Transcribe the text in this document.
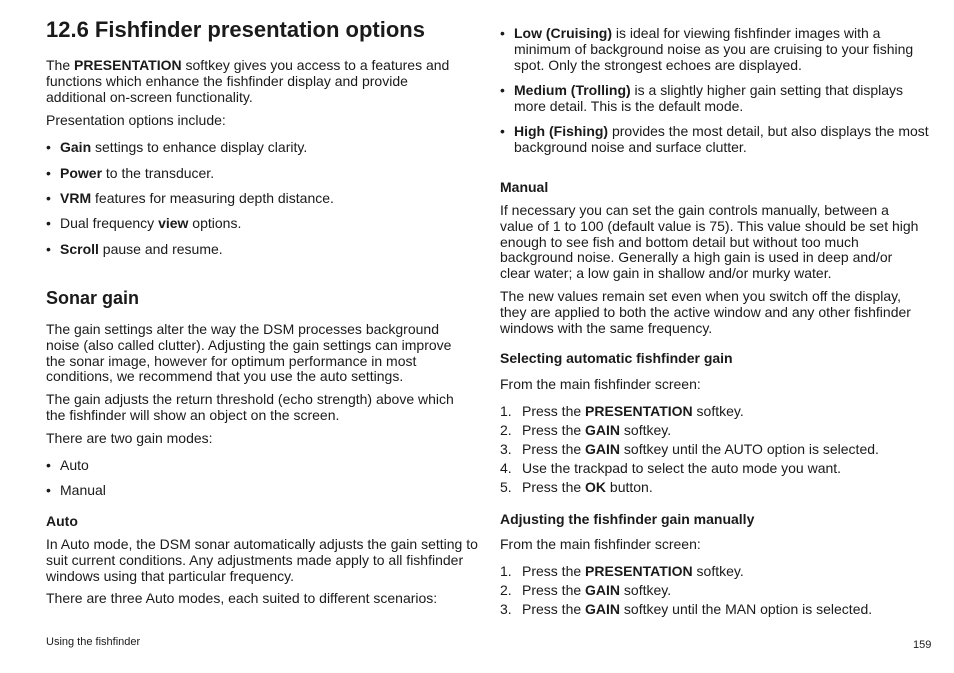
12.6 Fishfinder presentation options

The PRESENTATION softkey gives you access to a features and functions which enhance the fishfinder display and provide additional on-screen functionality.

Presentation options include:

• Gain settings to enhance display clarity.
• Power to the transducer.
• VRM features for measuring depth distance.
• Dual frequency view options.
• Scroll pause and resume.
Sonar gain

The gain settings alter the way the DSM processes background noise (also called clutter). Adjusting the gain settings can improve the sonar image, however for optimum performance in most conditions, we recommend that you use the auto settings.

The gain adjusts the return threshold (echo strength) above which the fishfinder will show an object on the screen.

There are two gain modes:

• Auto
• Manual
Auto

In Auto mode, the DSM sonar automatically adjusts the gain setting to suit current conditions. Any adjustments made apply to all fishfinder windows using that particular frequency.

There are three Auto modes, each suited to different scenarios:

• Low (Cruising) is ideal for viewing fishfinder images with a minimum of background noise as you are cruising to your fishing spot. Only the strongest echoes are displayed.
• Medium (Trolling) is a slightly higher gain setting that displays more detail. This is the default mode.
• High (Fishing) provides the most detail, but also displays the most background noise and surface clutter.
Manual

If necessary you can set the gain controls manually, between a value of 1 to 100 (default value is 75). This value should be set high enough to see fish and bottom detail but without too much background noise. Generally a high gain is used in deep and/or clear water; a low gain in shallow and/or murky water.

The new values remain set even when you switch off the display, they are applied to both the active window and any other fishfinder windows with the same frequency.

Selecting automatic fishfinder gain

From the main fishfinder screen:

1. Press the PRESENTATION softkey.
2. Press the GAIN softkey.
3. Press the GAIN softkey until the AUTO option is selected.
4. Use the trackpad to select the auto mode you want.
5. Press the OK button.
Adjusting the fishfinder gain manually

From the main fishfinder screen:

1. Press the PRESENTATION softkey.
2. Press the GAIN softkey.
3. Press the GAIN softkey until the MAN option is selected.
Using the fishfinder	159
